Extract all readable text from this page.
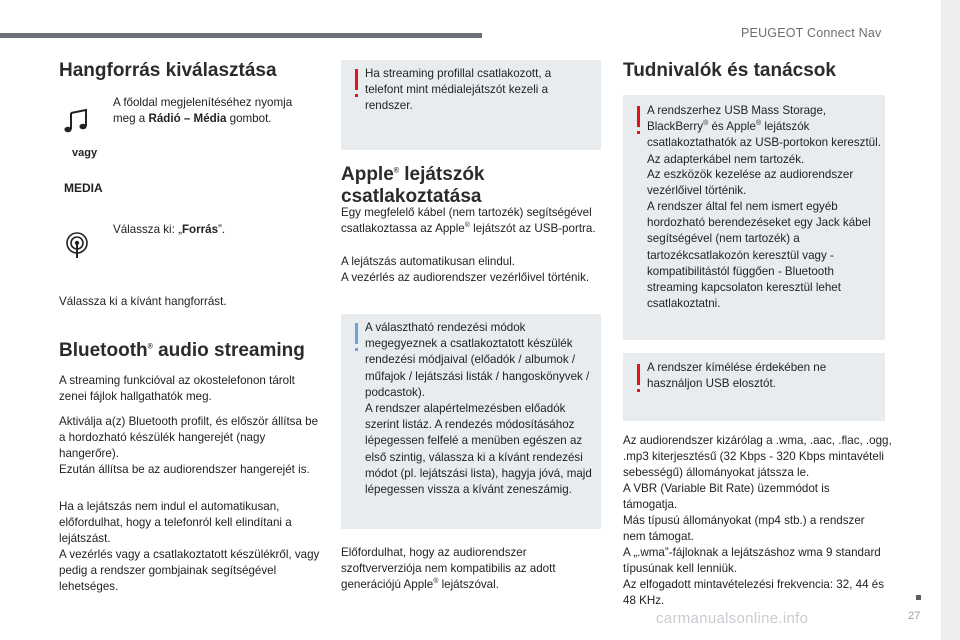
PEUGEOT Connect Nav
27
carmanualsonline.info
Hangforrás kiválasztása

A főoldal megjelenítéséhez nyomja meg a Rádió – Média gombot.

vagy
MEDIA

Válassza ki: „Forrás”.

Válassza ki a kívánt hangforrást.

Bluetooth® audio streaming

A streaming funkcióval az okostelefonon tárolt zenei fájlok hallgathatók meg.

Aktiválja a(z) Bluetooth profilt, és először állítsa be a hordozható készülék hangerejét (nagy hangerőre).

Ezután állítsa be az audiorendszer hangerejét is.

Ha a lejátszás nem indul el automatikusan, előfordulhat, hogy a telefonról kell elindítani a lejátszást.

A vezérlés vagy a csatlakoztatott készülékről, vagy pedig a rendszer gombjainak segítségével lehetséges.

Ha streaming profillal csatlakozott, a telefont mint médialejátszót kezeli a rendszer.

Apple® lejátszók
csatlakoztatása

Egy megfelelő kábel (nem tartozék) segítségével csatlakoztassa az Apple® lejátszót az USB-portra.

A lejátszás automatikusan elindul.

A vezérlés az audiorendszer vezérlőivel történik.

A választható rendezési módok megegyeznek a csatlakoztatott készülék rendezési módjaival (előadók / albumok / műfajok / lejátszási listák / hangoskönyvek / podcastok).

A rendszer alapértelmezésben előadók szerint listáz. A rendezés módosításához lépegessen felfelé a menüben egészen az első szintig, válassza ki a kívánt rendezési módot (pl. lejátszási lista), hagyja jóvá, majd lépegessen vissza a kívánt zeneszámig.

Előfordulhat, hogy az audiorendszer szoftververziója nem kompatibilis az adott generációjú Apple® lejátszóval.

Tudnivalók és tanácsok

A rendszerhez USB Mass Storage, BlackBerry® és Apple® lejátszók csatlakoztathatók az USB-portokon keresztül. Az adapterkábel nem tartozék.

Az eszközök kezelése az audiorendszer vezérlőivel történik.

A rendszer által fel nem ismert egyéb hordozható berendezéseket egy Jack kábel segítségével (nem tartozék) a tartozékcsatlakozón keresztül vagy - kompatibilitástól függően - Bluetooth streaming kapcsolaton keresztül lehet csatlakoztatni.

A rendszer kímélése érdekében ne használjon USB elosztót.

Az audiorendszer kizárólag a .wma, .aac, .flac, .ogg, .mp3 kiterjesztésű (32 Kbps - 320 Kbps mintavételi sebességű) állományokat játssza le.

A VBR (Variable Bit Rate) üzemmódot is támogatja.

Más típusú állományokat (mp4 stb.) a rendszer nem támogat.

A „.wma”-fájloknak a lejátszáshoz wma 9 standard típusúnak kell lenniük.

Az elfogadott mintavételezési frekvencia: 32, 44 és 48 KHz.
